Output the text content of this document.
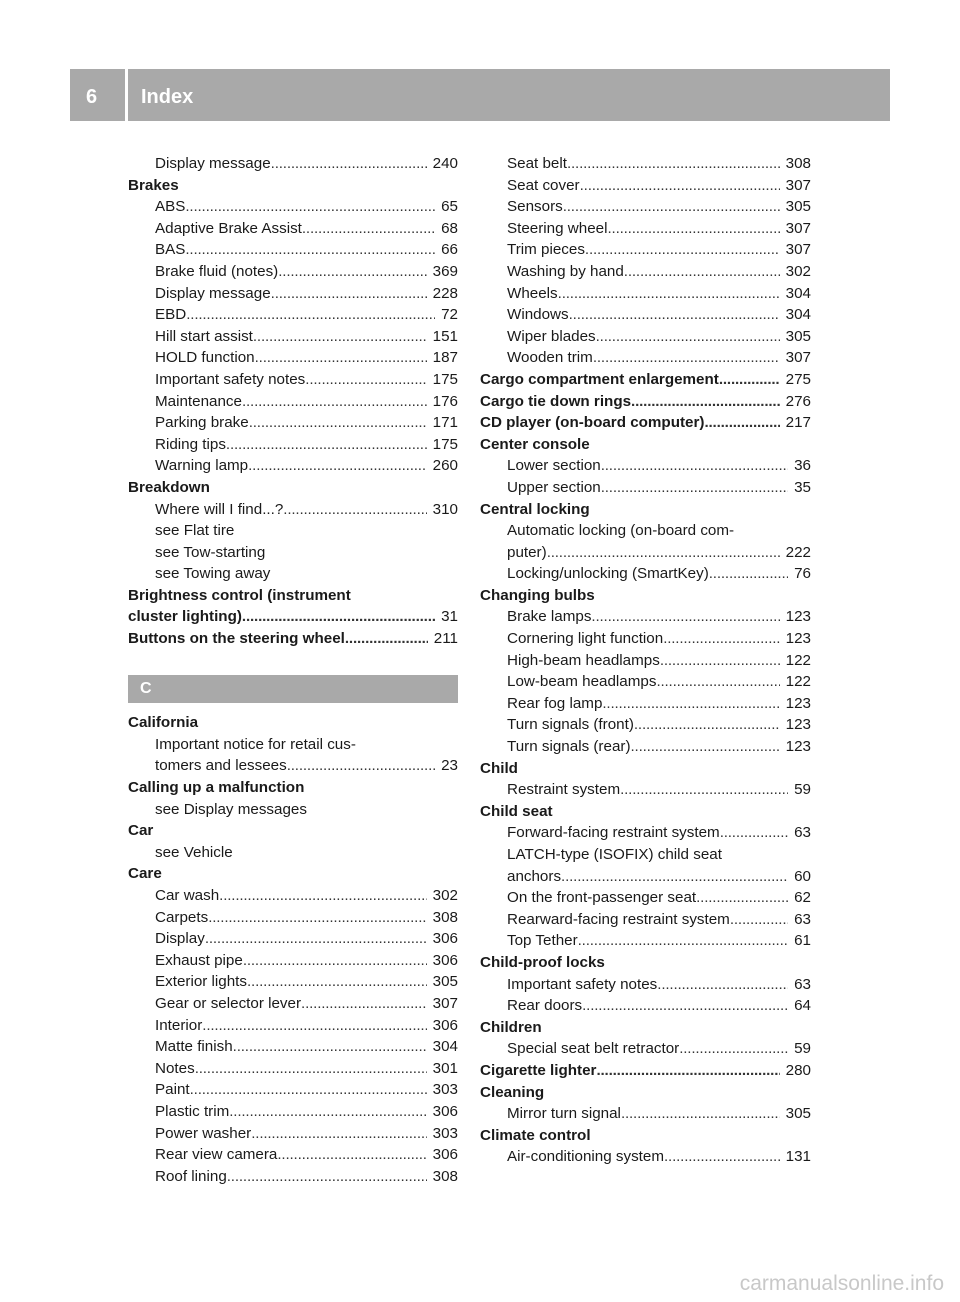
6	Index
Display message . . .	240
Brakes
ABS . . .	65
Adaptive Brake Assist . . .	68
BAS . . .	66
Brake fluid (notes) . . .	369
Display message . . .	228
EBD . . .	72
Hill start assist . . .	151
HOLD function . . .	187
Important safety notes . . .	175
Maintenance . . .	176
Parking brake . . .	171
Riding tips . . .	175
Warning lamp . . .	260
Breakdown
Where will I find...? . . .	310
see Flat tire
see Tow-starting
see Towing away
Brightness control (instrument
cluster lighting) . . .	31
Buttons on the steering wheel . . .	211
C
California
Important notice for retail cus-
tomers and lessees . . .	23
Calling up a malfunction
see Display messages
Car
see Vehicle
Care
Car wash . . .	302
Carpets . . .	308
Display . . .	306
Exhaust pipe . . .	306
Exterior lights . . .	305
Gear or selector lever . . .	307
Interior . . .	306
Matte finish . . .	304
Notes . . .	301
Paint . . .	303
Plastic trim . . .	306
Power washer . . .	303
Rear view camera . . .	306
Roof lining . . .	308
Seat belt . . .	308
Seat cover . . .	307
Sensors . . .	305
Steering wheel . . .	307
Trim pieces . . .	307
Washing by hand . . .	302
Wheels . . .	304
Windows . . .	304
Wiper blades . . .	305
Wooden trim . . .	307
Cargo compartment enlargement . . .	275
Cargo tie down rings . . .	276
CD player (on-board computer) . . .	217
Center console
Lower section . . .	36
Upper section . . .	35
Central locking
Automatic locking (on-board com-
puter) . . .	222
Locking/unlocking (SmartKey) . . .	76
Changing bulbs
Brake lamps . . .	123
Cornering light function . . .	123
High-beam headlamps . . .	122
Low-beam headlamps . . .	122
Rear fog lamp . . .	123
Turn signals (front) . . .	123
Turn signals (rear) . . .	123
Child
Restraint system . . .	59
Child seat
Forward-facing restraint system . . .	63
LATCH-type (ISOFIX) child seat
anchors . . .	60
On the front-passenger seat . . .	62
Rearward-facing restraint system . . .	63
Top Tether . . .	61
Child-proof locks
Important safety notes . . .	63
Rear doors . . .	64
Children
Special seat belt retractor . . .	59
Cigarette lighter . . .	280
Cleaning
Mirror turn signal . . .	305
Climate control
Air-conditioning system . . .	131
carmanualsonline.info
